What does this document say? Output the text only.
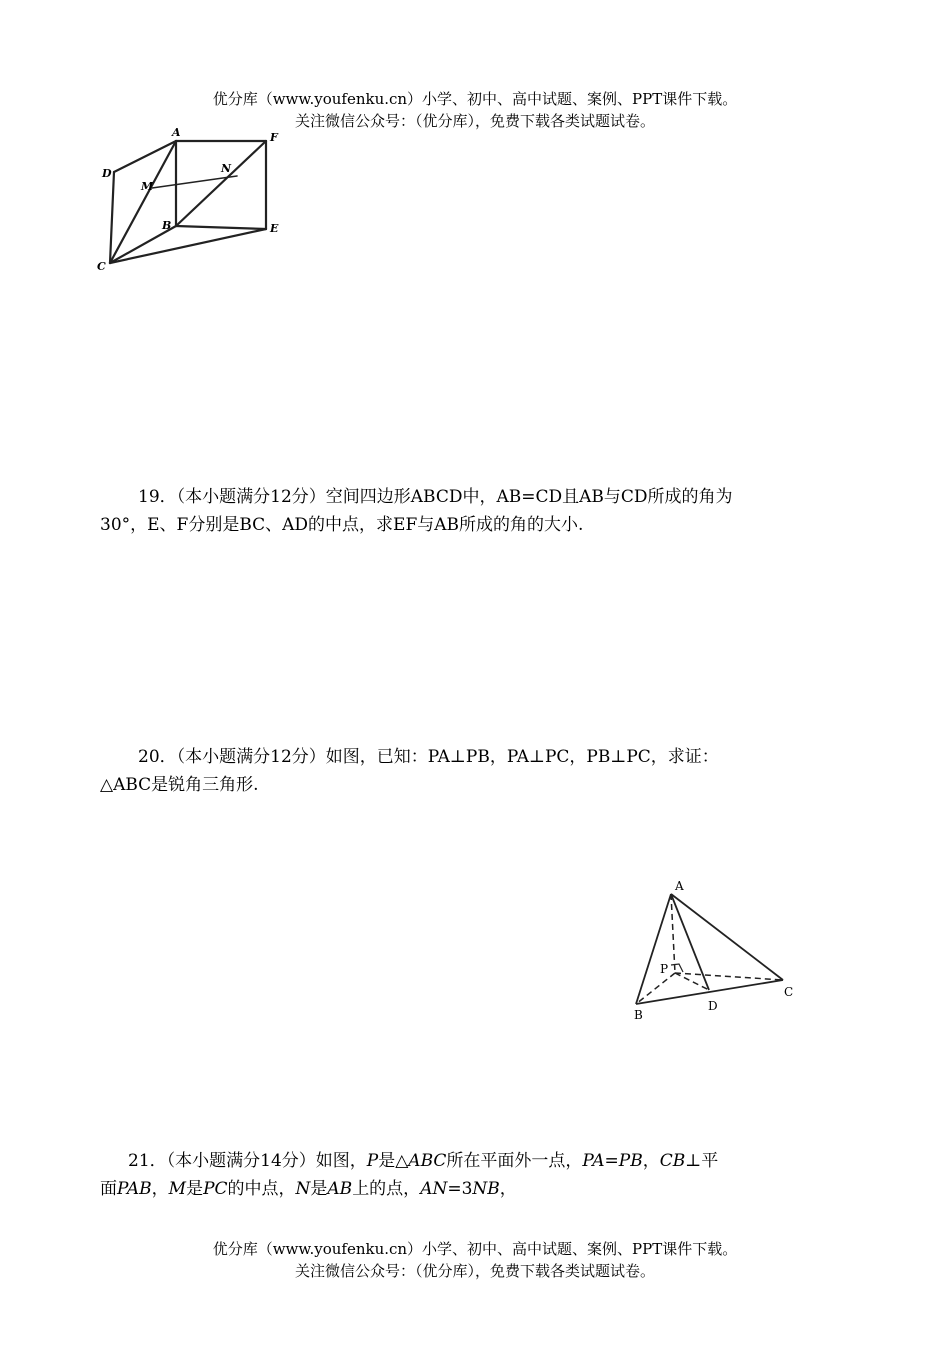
优分库（www.youfenku.cn）小学、初中、高中试题、案例、PPT课件下载。
关注微信公众号：（优分库），免费下载各类试题试卷。
A	F
D
M
N
B	E
C
19．（本小题满分12分）空间四边形ABCD中，AB=CD且AB与CD所成的角为
30°，E、F分别是BC、AD的中点，求EF与AB所成的角的大小.
20．（本小题满分12分）如图，已知：PA⊥PB，PA⊥PC，PB⊥PC，求证：
△ABC是锐角三角形.
A
P
B
D
C
21．（本小题满分14分）如图，P是△ABC所在平面外一点，PA=PB，CB⊥平
面PAB，M是PC的中点，N是AB上的点，AN=3NB，
优分库（www.youfenku.cn）小学、初中、高中试题、案例、PPT课件下载。
关注微信公众号：（优分库），免费下载各类试题试卷。
